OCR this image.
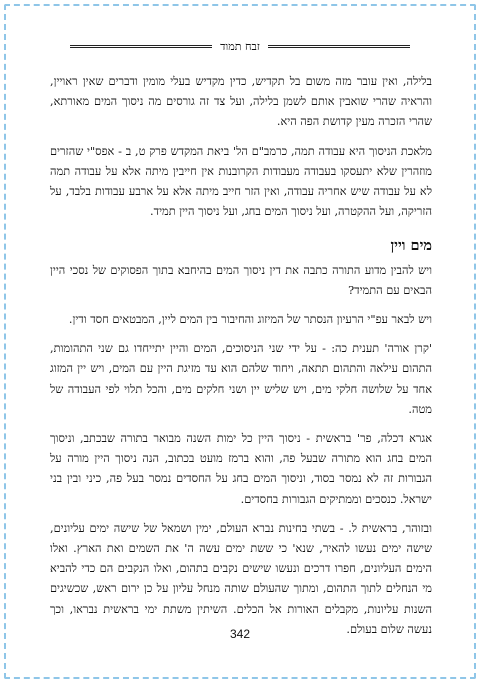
זבח תמוד

בלילה, ואין עובר מזה משום בל תקדיש, כדין מקדיש בעלי מומין ודברים שאין ראויין, והראיה שהרי שואבין אותם לשמן בלילה, ועל צד זה גורסים מה ניסוך המים מאורתא, שהרי הזכרה מעין קדושת הפה היא.

מלאכת הניסוך היא עבודה תמה, כרמב"ם הל' ביאת המקדש פרק ט, ב - אפס"י שהזרים מוזהרין שלא יתעסקו בעבודה מעבודות הקרובנות אין חייבין מיתה אלא על עבודה תמה לא על עבודה שיש אחריה עבודה, ואין הזר חייב מיתה אלא על ארבע עבודות בלבד, על הזריקה, ועל ההקטרה, ועל ניסוך המים בחג, ועל ניסוך היין תמיד.

מים ויין

ויש להבין מדוע התורה כתבה את דין ניסוך המים בהיחבא בתוך הפסוקים של נסכי היין הבאים עם התמיד?

ויש לבאר עפ"י הרעיון הנסתר של המיזוג והחיבור בין המים ליין, המבטאים חסד ודין.

'קרן אורה' תענית כה: - על ידי שני הניסוכים, המים והיין יתייחדו גם שני התהומות, התהום עילאה והתהום תתאה, ויחוד שלהם הוא עד מזיגת היין עם המים, ויש יין המזוג אחד על שלושה חלקי מים, ויש שליש יין ושני חלקים מים, והכל תלוי לפי העבודה של מטה.

אגרא דכלה, פר' בראשית - ניסוך היין כל ימות השנה מבואר בתורה שבכתב, וניסוך המים בחג הוא מתורה שבעל פה, והוא ברמז מועט בכתוב, הנה ניסוך היין מורה על הגבורות זה לא נמסר בסוד, וניסוך המים בחג על החסדים נמסר בעל פה, כיני ובין בני ישראל. כנסכים וממתיקים הגבורות בחסדים.

ובזוהר, בראשית ל. - בשתי בחינות נברא העולם, ימין ושמאל של שישה ימים עליונים, שישה ימים נעשו להאיר, שנא' כי ששת ימים עשה ה' את השמים ואת הארץ. ואלו הימים העליונים, חפרו דרכים ונעשו שישים נקבים בתהום, ואלו הנקבים הם כדי להביא מי הנחלים לתוך התהום, ומתוך שהעולם שותה מנחל עליון על כן ירום ראש, שכשיגים השנות עליונות, מקבלים האורות אל הכלים. השיתין משתת ימי בראשית נבראו, וכך נעשה שלום בעולם.

342
